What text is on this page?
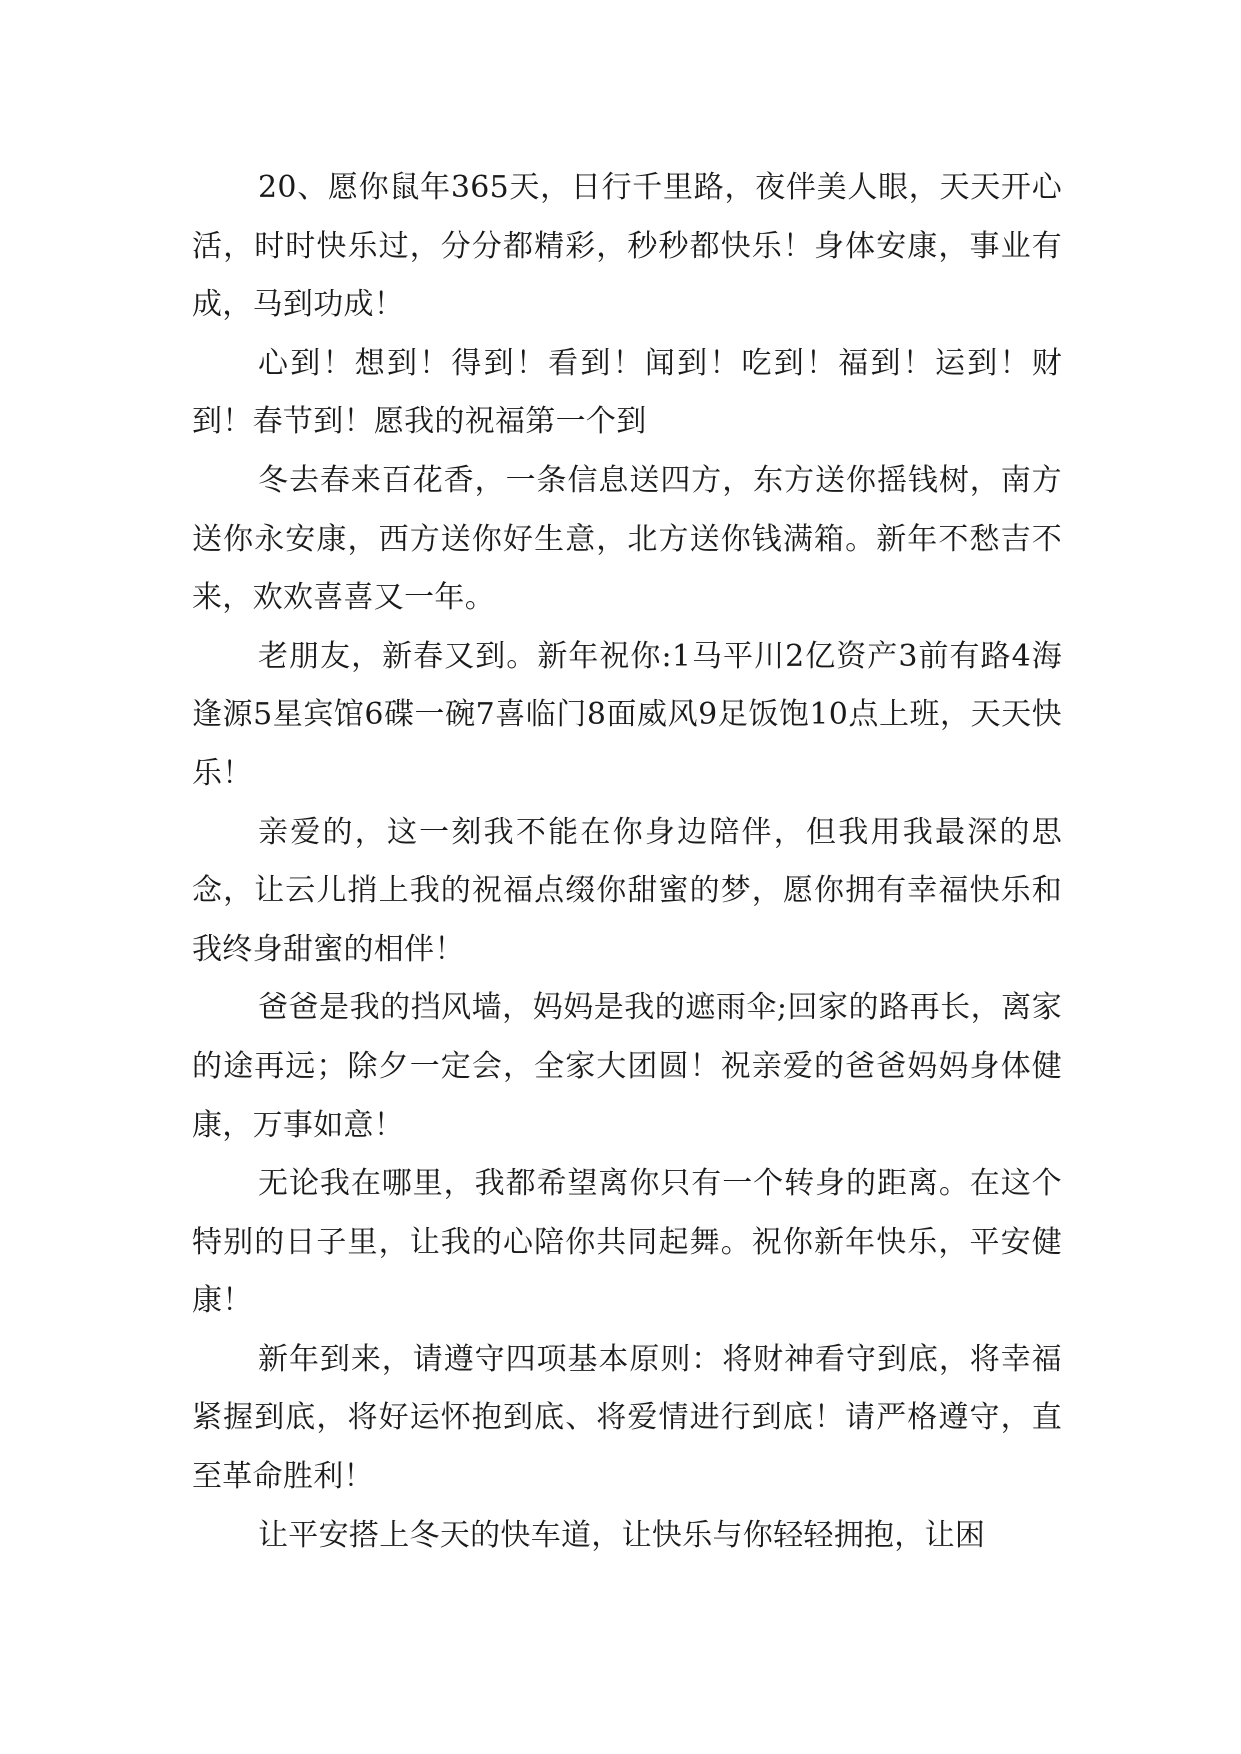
20、愿你鼠年365天，日行千里路，夜伴美人眼，天天开心活，时时快乐过，分分都精彩，秒秒都快乐！身体安康，事业有成，马到功成！

心到！想到！得到！看到！闻到！吃到！福到！运到！财到！春节到！愿我的祝福第一个到

冬去春来百花香，一条信息送四方，东方送你摇钱树，南方送你永安康，西方送你好生意，北方送你钱满箱。新年不愁吉不来，欢欢喜喜又一年。

老朋友，新春又到。新年祝你:1马平川2亿资产3前有路4海逢源5星宾馆6碟一碗7喜临门8面威风9足饭饱10点上班，天天快乐！

亲爱的，这一刻我不能在你身边陪伴，但我用我最深的思念，让云儿捎上我的祝福点缀你甜蜜的梦，愿你拥有幸福快乐和我终身甜蜜的相伴！

爸爸是我的挡风墙，妈妈是我的遮雨伞;回家的路再长，离家的途再远；除夕一定会，全家大团圆！祝亲爱的爸爸妈妈身体健康，万事如意！

无论我在哪里，我都希望离你只有一个转身的距离。在这个特别的日子里，让我的心陪你共同起舞。祝你新年快乐，平安健康！

新年到来，请遵守四项基本原则：将财神看守到底，将幸福紧握到底，将好运怀抱到底、将爱情进行到底！请严格遵守，直至革命胜利！

让平安搭上冬天的快车道，让快乐与你轻轻拥抱，让困
